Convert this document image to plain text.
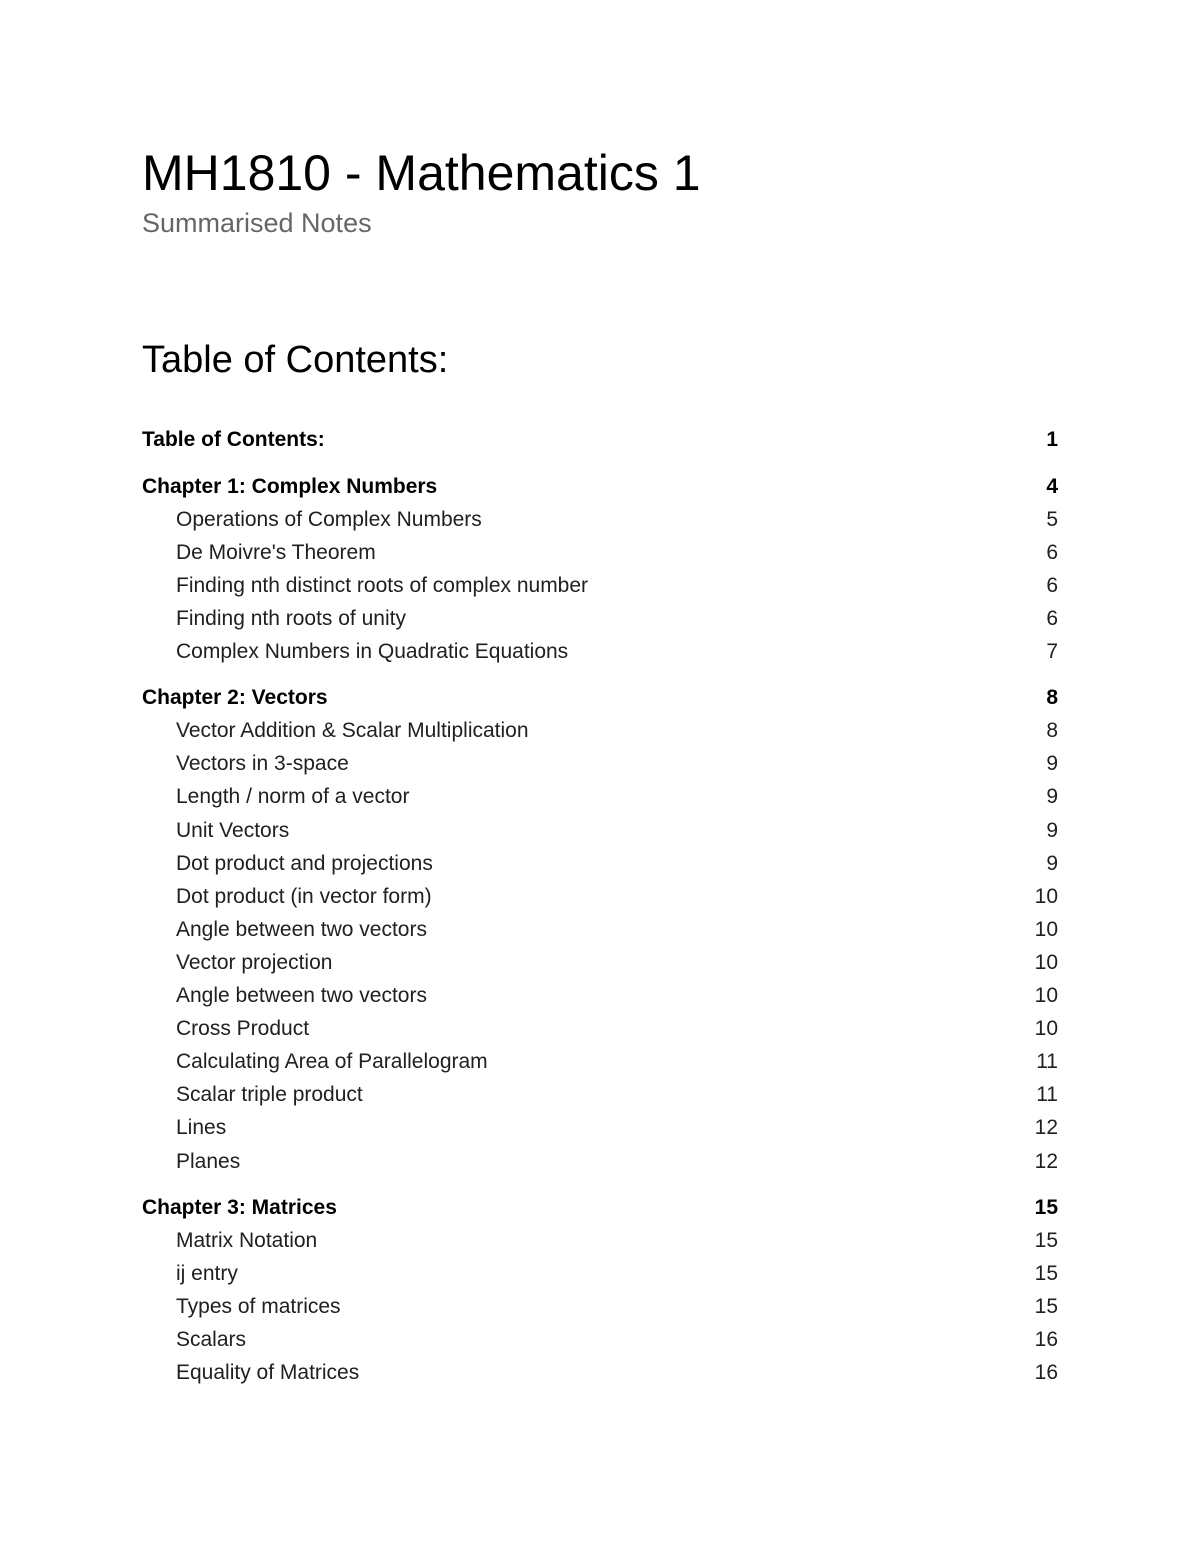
MH1810 - Mathematics 1
Summarised Notes
Table of Contents:
Table of Contents:	1
Chapter 1: Complex Numbers	4
Operations of Complex Numbers	5
De Moivre's Theorem	6
Finding nth distinct roots of complex number	6
Finding nth roots of unity	6
Complex Numbers in Quadratic Equations	7
Chapter 2: Vectors	8
Vector Addition & Scalar Multiplication	8
Vectors in 3-space	9
Length / norm of a vector	9
Unit Vectors	9
Dot product and projections	9
Dot product (in vector form)	10
Angle between two vectors	10
Vector projection	10
Angle between two vectors	10
Cross Product	10
Calculating Area of Parallelogram	11
Scalar triple product	11
Lines	12
Planes	12
Chapter 3: Matrices	15
Matrix Notation	15
ij entry	15
Types of matrices	15
Scalars	16
Equality of Matrices	16
